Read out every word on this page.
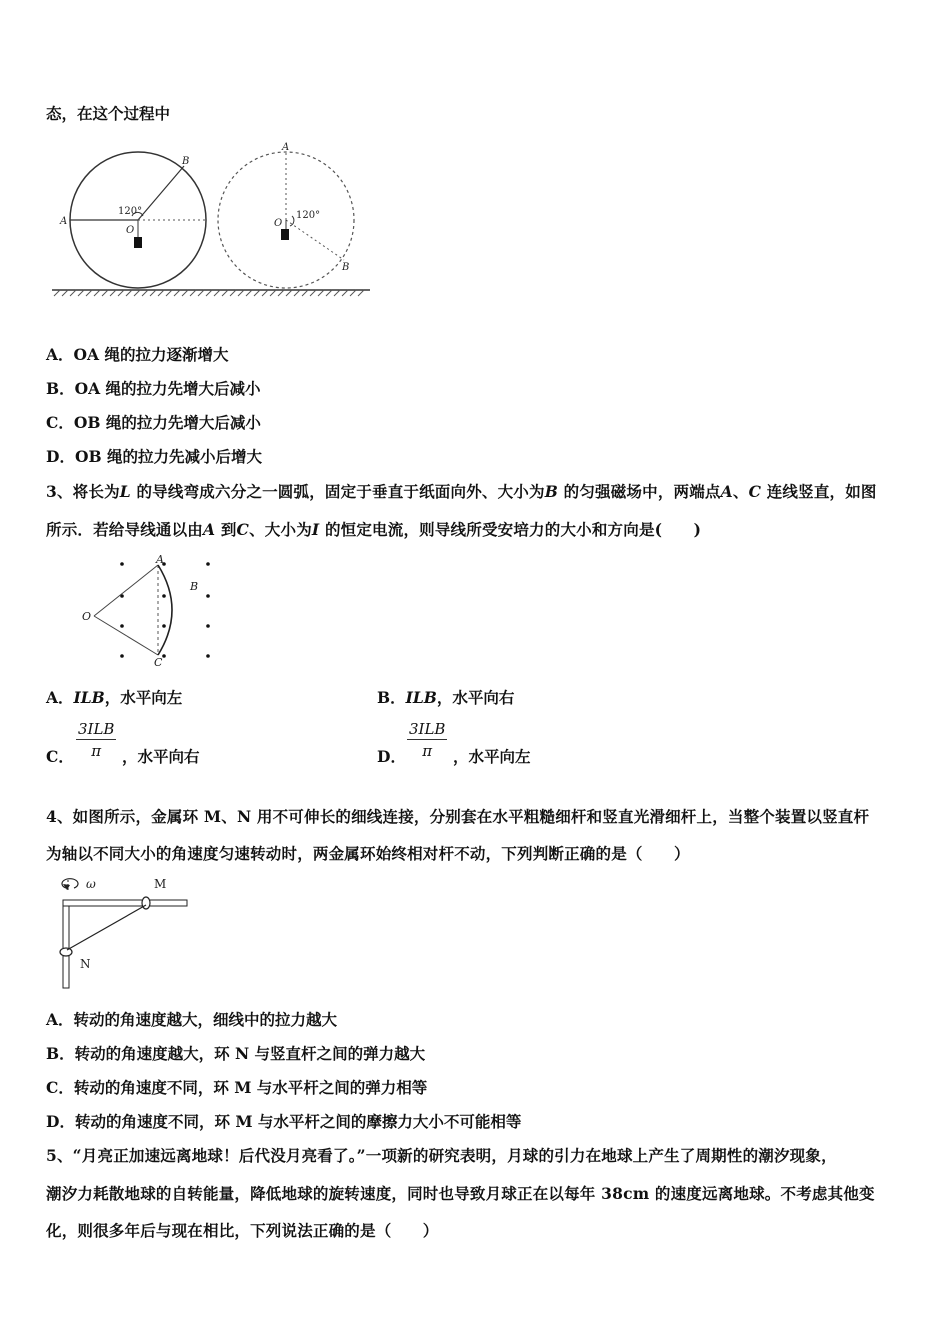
态，在这个过程中
120°
A
B
O
120°
A
B
O
A．OA 绳的拉力逐渐增大
B．OA 绳的拉力先增大后减小
C．OB 绳的拉力先增大后减小
D．OB 绳的拉力先减小后增大
3、将长为L 的导线弯成六分之一圆弧，固定于垂直于纸面向外、大小为B 的匀强磁场中，两端点A、C 连线竖直，如图
所示．若给导线通以由A 到C、大小为I 的恒定电流，则导线所受安培力的大小和方向是(　　)
A
B
C
O
A．ILB，水平向左	B．ILB，水平向右
C．
3ILB
π	，水平向右	D．
3ILB
π	，水平向左
4、如图所示，金属环 M、N 用不可伸长的细线连接，分别套在水平粗糙细杆和竖直光滑细杆上，当整个装置以竖直杆
为轴以不同大小的角速度匀速转动时，两金属环始终相对杆不动，下列判断正确的是（　　）
ω	M
N
A．转动的角速度越大，细线中的拉力越大
B．转动的角速度越大，环 N 与竖直杆之间的弹力越大
C．转动的角速度不同，环 M 与水平杆之间的弹力相等
D．转动的角速度不同，环 M 与水平杆之间的摩擦力大小不可能相等
5、“月亮正加速远离地球！后代没月亮看了。”一项新的研究表明，月球的引力在地球上产生了周期性的潮汐现象，
潮汐力耗散地球的自转能量，降低地球的旋转速度，同时也导致月球正在以每年 38cm 的速度远离地球。不考虑其他变
化，则很多年后与现在相比，下列说法正确的是（　　）
